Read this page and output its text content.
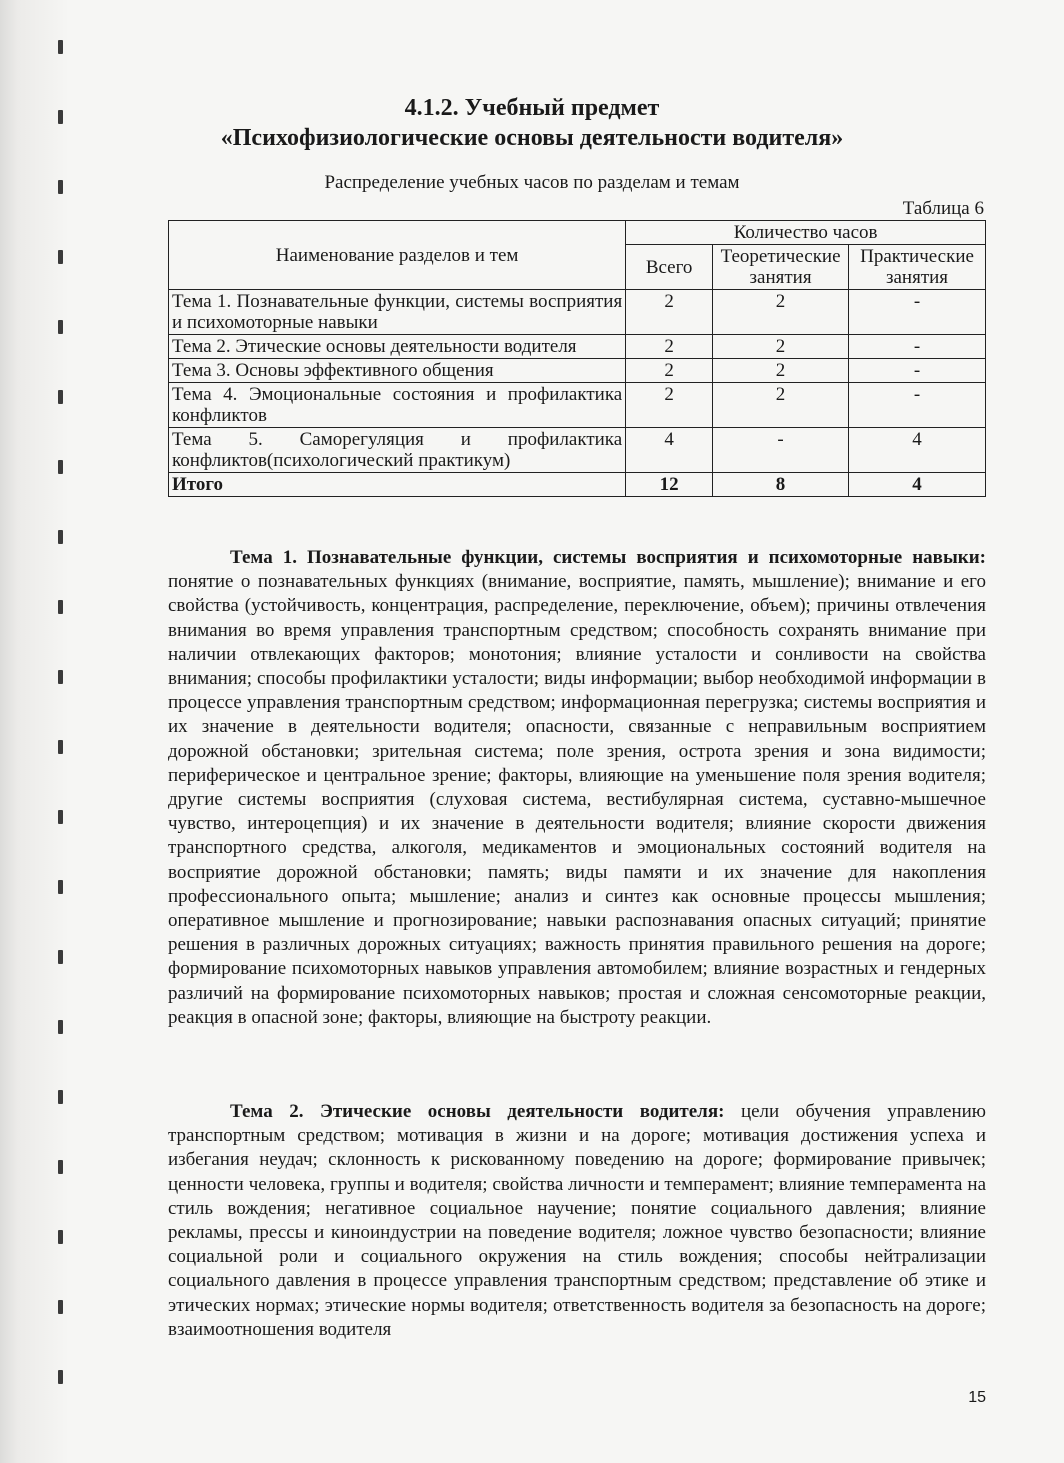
4.1.2. Учебный предмет
«Психофизиологические основы деятельности водителя»
Распределение учебных часов по разделам и темам
Таблица 6
Наименование разделов и тем	Количество часов		
	Всего	Теоретические занятия	Практические занятия
Тема 1. Познавательные функции, системы восприятия и психомоторные навыки	2	2	-
Тема 2. Этические основы деятельности водителя	2	2	-
Тема 3. Основы эффективного общения	2	2	-
Тема 4. Эмоциональные состояния и профилактика конфликтов	2	2	-
Тема 5. Саморегуляция и профилактика конфликтов(психологический практикум)	4	-	4
Итого	12	8	4
Тема 1. Познавательные функции, системы восприятия и психомоторные навыки: понятие о познавательных функциях (внимание, восприятие, память, мышление); внимание и его свойства (устойчивость, концентрация, распределение, переключение, объем); причины отвлечения внимания во время управления транспортным средством; способность сохранять внимание при наличии отвлекающих факторов; монотония; влияние усталости и сонливости на свойства внимания; способы профилактики усталости; виды информации; выбор необходимой информации в процессе управления транспортным средством; информационная перегрузка; системы восприятия и их значение в деятельности водителя; опасности, связанные с неправильным восприятием дорожной обстановки; зрительная система; поле зрения, острота зрения и зона видимости; периферическое и центральное зрение; факторы, влияющие на уменьшение поля зрения водителя; другие системы восприятия (слуховая система, вестибулярная система, суставно-мышечное чувство, интероцепция) и их значение в деятельности водителя; влияние скорости движения транспортного средства, алкоголя, медикаментов и эмоциональных состояний водителя на восприятие дорожной обстановки; память; виды памяти и их значение для накопления профессионального опыта; мышление; анализ и синтез как основные процессы мышления; оперативное мышление и прогнозирование; навыки распознавания опасных ситуаций; принятие решения в различных дорожных ситуациях; важность принятия правильного решения на дороге; формирование психомоторных навыков управления автомобилем; влияние возрастных и гендерных различий на формирование психомоторных навыков; простая и сложная сенсомоторные реакции, реакция в опасной зоне; факторы, влияющие на быстроту реакции.
Тема 2. Этические основы деятельности водителя: цели обучения управлению транспортным средством; мотивация в жизни и на дороге; мотивация достижения успеха и избегания неудач; склонность к рискованному поведению на дороге; формирование привычек; ценности человека, группы и водителя; свойства личности и темперамент; влияние темперамента на стиль вождения; негативное социальное научение; понятие социального давления; влияние рекламы, прессы и киноиндустрии на поведение водителя; ложное чувство безопасности; влияние социальной роли и социального окружения на стиль вождения; способы нейтрализации социального давления в процессе управления транспортным средством; представление об этике и этических нормах; этические нормы водителя; ответственность водителя за безопасность на дороге; взаимоотношения водителя
15
